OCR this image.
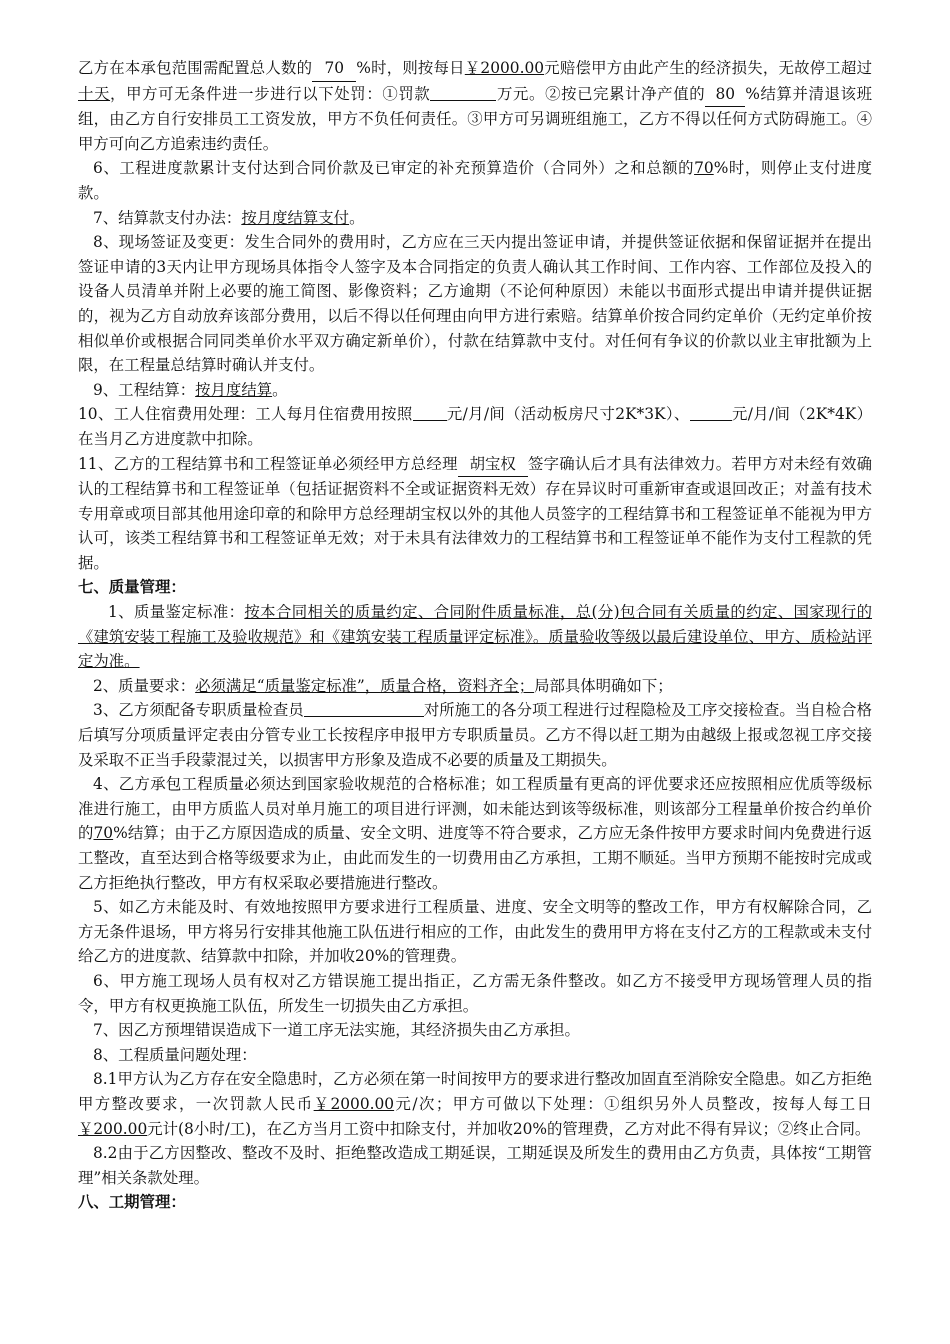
乙方在本承包范围需配置总人数的 70 %时，则按每日￥2000.00元赔偿甲方由此产生的经济损失，无故停工超过十天，甲方可无条件进一步进行以下处罚：①罚款	万元。②按已完累计净产值的 80 %结算并清退该班组，由乙方自行安排员工工资发放，甲方不负任何责任。③甲方可另调班组施工，乙方不得以任何方式防碍施工。④甲方可向乙方追索违约责任。

6、工程进度款累计支付达到合同价款及已审定的补充预算造价（合同外）之和总额的70%时，则停止支付进度款。

7、结算款支付办法：按月度结算支付。

8、现场签证及变更：发生合同外的费用时，乙方应在三天内提出签证申请，并提供签证依据和保留证据并在提出签证申请的3天内让甲方现场具体指令人签字及本合同指定的负责人确认其工作时间、工作内容、工作部位及投入的设备人员清单并附上必要的施工简图、影像资料；乙方逾期（不论何种原因）未能以书面形式提出申请并提供证据的，视为乙方自动放弃该部分费用，以后不得以任何理由向甲方进行索赔。结算单价按合同约定单价（无约定单价按相似单价或根据合同同类单价水平双方确定新单价），付款在结算款中支付。对任何有争议的价款以业主审批额为上限，在工程量总结算时确认并支付。

9、工程结算：按月度结算。

10、工人住宿费用处理：工人每月住宿费用按照 元/月/间（活动板房尺寸2K*3K）、	元/月/间（2K*4K）在当月乙方进度款中扣除。

11、乙方的工程结算书和工程签证单必须经甲方总经理 胡宝权 签字确认后才具有法律效力。若甲方对未经有效确认的工程结算书和工程签证单（包括证据资料不全或证据资料无效）存在异议时可重新审查或退回改正；对盖有技术专用章或项目部其他用途印章的和除甲方总经理胡宝权以外的其他人员签字的工程结算书和工程签证单不能视为甲方认可，该类工程结算书和工程签证单无效；对于未具有法律效力的工程结算书和工程签证单不能作为支付工程款的凭据。

七、质量管理：

1、质量鉴定标准：按本合同相关的质量约定、合同附件质量标准，总(分)包合同有关质量的约定、国家现行的《建筑安装工程施工及验收规范》和《建筑安装工程质量评定标准》。质量验收等级以最后建设单位、甲方、质检站评定为准。

2、质量要求：必须满足“质量鉴定标准”，质量合格，资料齐全；局部具体明确如下；

3、乙方须配备专职质量检查员	对所施工的各分项工程进行过程隐检及工序交接检查。当自检合格后填写分项质量评定表由分管专业工长按程序申报甲方专职质量员。乙方不得以赶工期为由越级上报或忽视工序交接及采取不正当手段蒙混过关，以损害甲方形象及造成不必要的质量及工期损失。

4、乙方承包工程质量必须达到国家验收规范的合格标准；如工程质量有更高的评优要求还应按照相应优质等级标准进行施工，由甲方质监人员对单月施工的项目进行评测，如未能达到该等级标准，则该部分工程量单价按合约单价的70%结算；由于乙方原因造成的质量、安全文明、进度等不符合要求，乙方应无条件按甲方要求时间内免费进行返工整改，直至达到合格等级要求为止，由此而发生的一切费用由乙方承担，工期不顺延。当甲方预期不能按时完成或乙方拒绝执行整改，甲方有权采取必要措施进行整改。

5、如乙方未能及时、有效地按照甲方要求进行工程质量、进度、安全文明等的整改工作，甲方有权解除合同，乙方无条件退场，甲方将另行安排其他施工队伍进行相应的工作，由此发生的费用甲方将在支付乙方的工程款或未支付给乙方的进度款、结算款中扣除，并加收20%的管理费。

6、甲方施工现场人员有权对乙方错误施工提出指正，乙方需无条件整改。如乙方不接受甲方现场管理人员的指令，甲方有权更换施工队伍，所发生一切损失由乙方承担。

7、因乙方预埋错误造成下一道工序无法实施，其经济损失由乙方承担。

8、工程质量问题处理：

8.1甲方认为乙方存在安全隐患时，乙方必须在第一时间按甲方的要求进行整改加固直至消除安全隐患。如乙方拒绝甲方整改要求，一次罚款人民币￥2000.00元/次；甲方可做以下处理：①组织另外人员整改，按每人每工日￥200.00元计(8小时/工)，在乙方当月工资中扣除支付，并加收20%的管理费，乙方对此不得有异议；②终止合同。

8.2由于乙方因整改、整改不及时、拒绝整改造成工期延误，工期延误及所发生的费用由乙方负责，具体按“工期管理”相关条款处理。

八、工期管理：
